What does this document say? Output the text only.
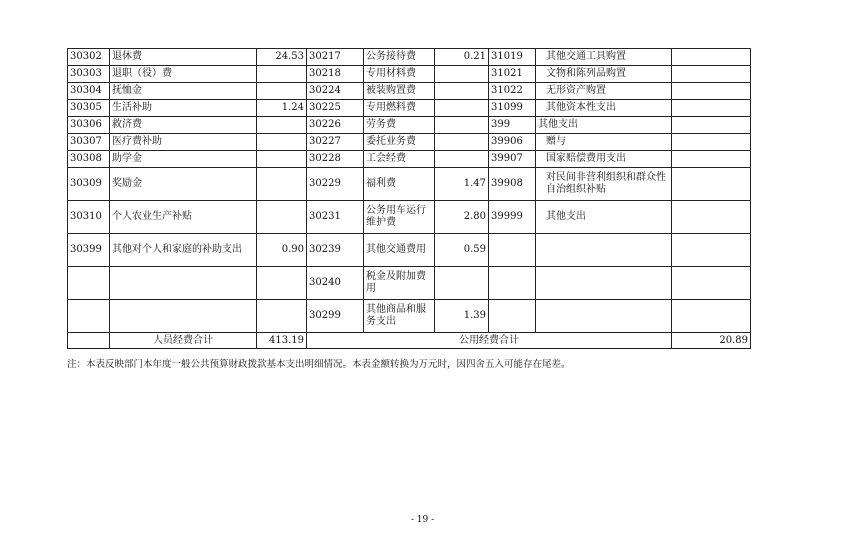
30302	退休费	24.53	30217	公务接待费	0.21	31019	其他交通工具购置	
30303	退职（役）费		30218	专用材料费		31021	文物和陈列品购置	
30304	抚恤金		30224	被装购置费		31022	无形资产购置	
30305	生活补助	1.24	30225	专用燃料费		31099	其他资本性支出	
30306	救济费		30226	劳务费		399	其他支出	
30307	医疗费补助		30227	委托业务费		39906	赠与	
30308	助学金		30228	工会经费		39907	国家赔偿费用支出	
30309	奖励金		30229	福利费	1.47	39908	对民间非营利组织和群众性自治组织补贴	
30310	个人农业生产补贴		30231	公务用车运行维护费	2.80	39999	其他支出	
30399	其他对个人和家庭的补助支出	0.90	30239	其他交通费用	0.59			
			30240	税金及附加费用				
			30299	其他商品和服务支出	1.39			
	人员经费合计	413.19	公用经费合计					20.89
注：本表反映部门本年度一般公共预算财政拨款基本支出明细情况。本表金额转换为万元时，因四舍五入可能存在尾差。
- 19 -
